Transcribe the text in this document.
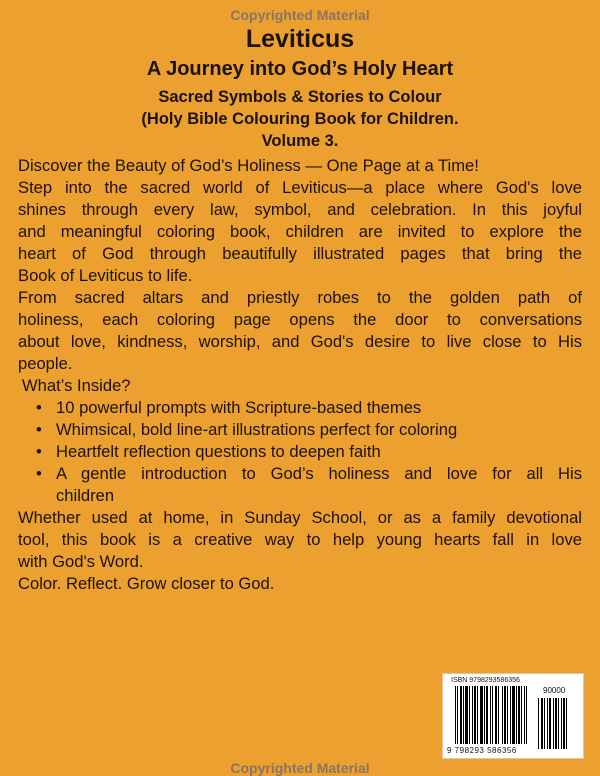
Copyrighted Material
Leviticus
A Journey into God’s Holy Heart
Sacred Symbols & Stories to Colour
(Holy Bible Colouring Book for Children.
Volume 3.
Discover the Beauty of God’s Holiness — One Page at a Time!
Step into the sacred world of Leviticus—a place where God's love
shines through every law, symbol, and celebration. In this joyful
and meaningful coloring book, children are invited to explore the
heart of God through beautifully illustrated pages that bring the
Book of Leviticus to life.
From sacred altars and priestly robes to the golden path of
holiness, each coloring page opens the door to conversations
about love, kindness, worship, and God's desire to live close to His
people.
What’s Inside?
• 10 powerful prompts with Scripture-based themes
• Whimsical, bold line-art illustrations perfect for coloring
• Heartfelt reflection questions to deepen faith
• A gentle introduction to God’s holiness and love for all His
children
Whether used at home, in Sunday School, or as a family devotional
tool, this book is a creative way to help young hearts fall in love
with God's Word.
Color. Reflect. Grow closer to God.
ISBN 9798293586356
90000
9 798293 586356
Copyrighted Material
